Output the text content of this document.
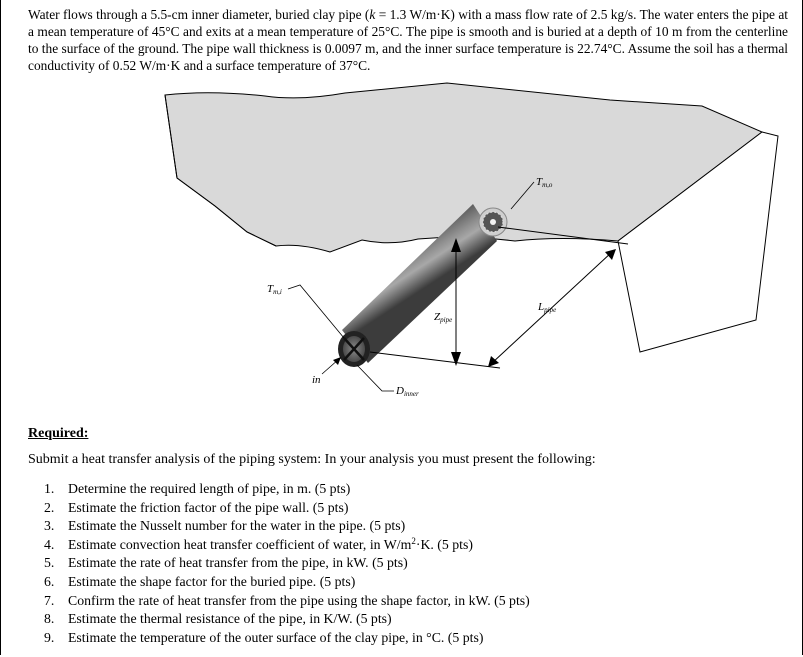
Water flows through a 5.5-cm inner diameter, buried clay pipe (k = 1.3 W/m·K) with a mass flow rate of 2.5 kg/s. The water enters the pipe at a mean temperature of 45°C and exits at a mean temperature of 25°C. The pipe is smooth and is buried at a depth of 10 m from the centerline to the surface of the ground. The pipe wall thickness is 0.0097 m, and the inner surface temperature is 22.74°C. Assume the soil has a thermal conductivity of 0.52 W/m·K and a surface temperature of 37°C.

Tm,o
Tm,i
Zpipe
Lpipe
in
Dinner
Required:
Submit a heat transfer analysis of the piping system: In your analysis you must present the following:
1. Determine the required length of pipe, in m. (5 pts)
2. Estimate the friction factor of the pipe wall. (5 pts)
3. Estimate the Nusselt number for the water in the pipe. (5 pts)
4. Estimate convection heat transfer coefficient of water, in $W/m^2\cdot K$. (5 pts)
5. Estimate the rate of heat transfer from the pipe, in kW. (5 pts)
6. Estimate the shape factor for the buried pipe. (5 pts)
7. Confirm the rate of heat transfer from the pipe using the shape factor, in kW. (5 pts)
8. Estimate the thermal resistance of the pipe, in K/W. (5 pts)
9. Estimate the temperature of the outer surface of the clay pipe, in °C. (5 pts)
